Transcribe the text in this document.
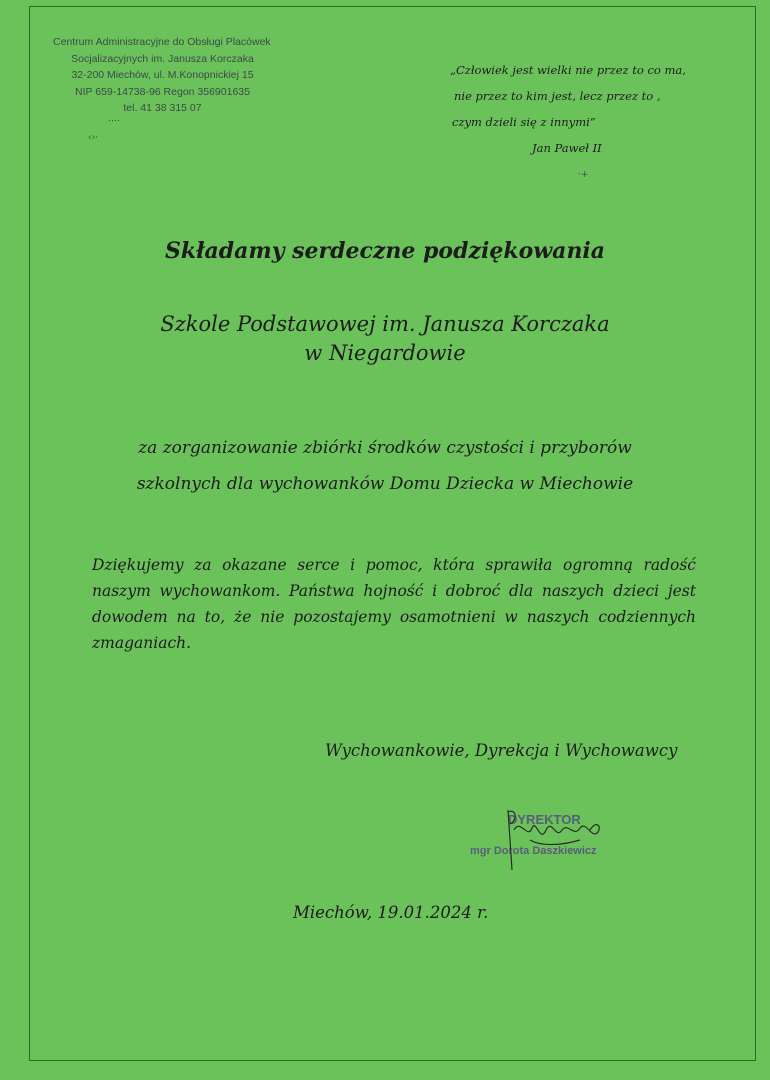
Centrum Administracyjne do Obsługi Placówek
Socjalizacyjnych im. Janusza Korczaka
32-200 Miechów, ul. M.Konopnickiej 15
NIP 659-14738-96 Regon 356901635
tel. 41 38 315 07
‥‥
‹›·
„Człowiek jest wielki nie przez to co ma,
nie przez to kim jest, lecz przez to ,
czym dzieli się z innymi”
Jan Paweł II
·+
Składamy serdeczne podziękowania
Szkole Podstawowej im. Janusza Korczaka
w Niegardowie
za zorganizowanie zbiórki środków czystości i przyborów
szkolnych dla wychowanków Domu Dziecka w Miechowie
Dziękujemy za okazane serce i pomoc, która sprawiła ogromną radość naszym wychowankom. Państwa hojność i dobroć dla naszych dzieci jest dowodem na to, że nie pozostajemy osamotnieni w naszych codziennych zmaganiach.
Wychowankowie, Dyrekcja i Wychowawcy
DYREKTOR
mgr Dorota Daszkiewicz
Miechów, 19.01.2024 r.
